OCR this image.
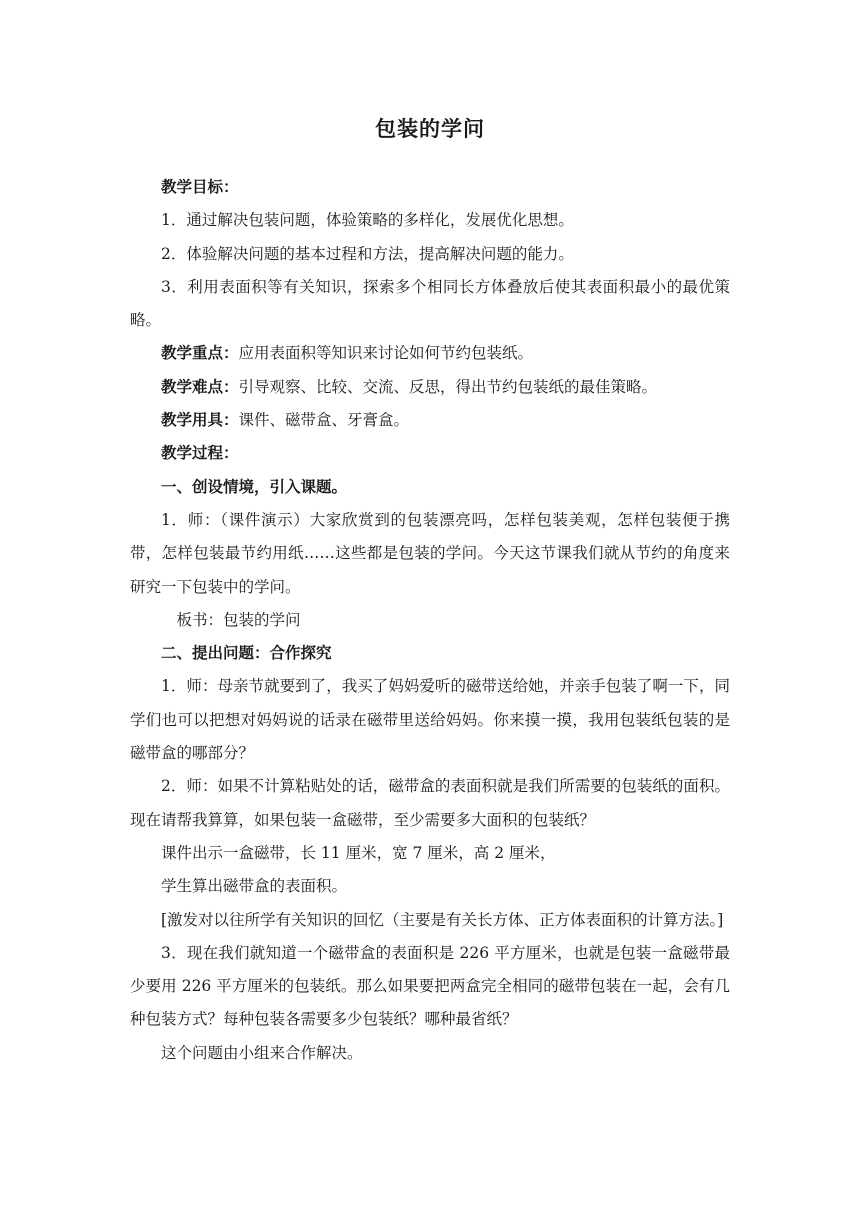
包装的学问

教学目标：

1．通过解决包装问题，体验策略的多样化，发展优化思想。

2．体验解决问题的基本过程和方法，提高解决问题的能力。

3．利用表面积等有关知识，探索多个相同长方体叠放后使其表面积最小的最优策略。

教学重点：应用表面积等知识来讨论如何节约包装纸。

教学难点：引导观察、比较、交流、反思，得出节约包装纸的最佳策略。

教学用具：课件、磁带盒、牙膏盒。

教学过程：

一、创设情境，引入课题。

1．师：（课件演示）大家欣赏到的包装漂亮吗，怎样包装美观，怎样包装便于携带，怎样包装最节约用纸……这些都是包装的学问。今天这节课我们就从节约的角度来研究一下包装中的学问。

板书：包装的学问

二、提出问题：合作探究

1．师：母亲节就要到了，我买了妈妈爱听的磁带送给她，并亲手包装了啊一下，同学们也可以把想对妈妈说的话录在磁带里送给妈妈。你来摸一摸，我用包装纸包装的是磁带盒的哪部分？

2．师：如果不计算粘贴处的话，磁带盒的表面积就是我们所需要的包装纸的面积。现在请帮我算算，如果包装一盒磁带，至少需要多大面积的包装纸？

课件出示一盒磁带，长 11 厘米，宽 7 厘米，高 2 厘米，

学生算出磁带盒的表面积。

[激发对以往所学有关知识的回忆（主要是有关长方体、正方体表面积的计算方法。]

3．现在我们就知道一个磁带盒的表面积是 226 平方厘米，也就是包装一盒磁带最少要用 226 平方厘米的包装纸。那么如果要把两盒完全相同的磁带包装在一起，会有几种包装方式？每种包装各需要多少包装纸？哪种最省纸？

这个问题由小组来合作解决。
